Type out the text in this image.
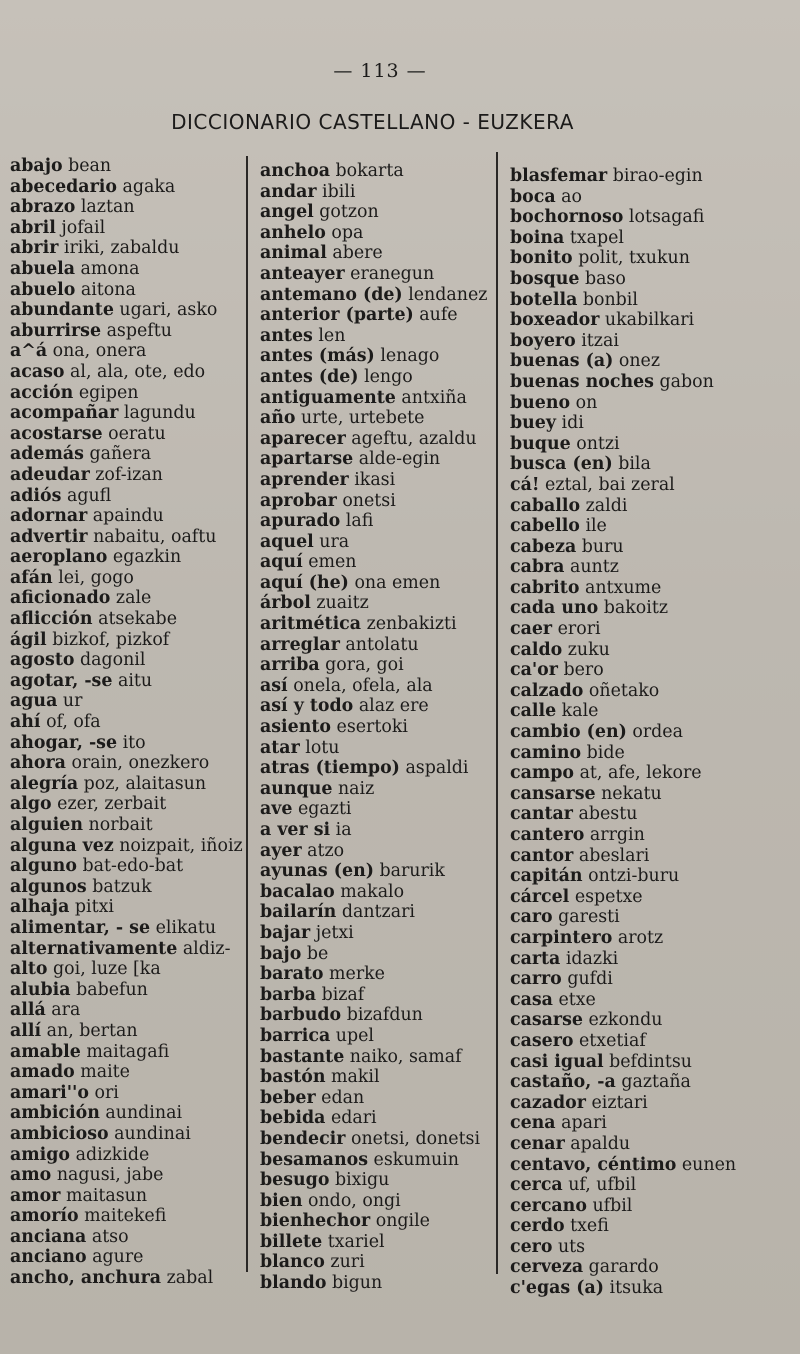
— 113 —
DICCIONARIO CASTELLANO - EUZKERA
abajo bean
abecedario agaka
abrazo laztan
abril jofail
abrir iriki, zabaldu
abuela amona
abuelo aitona
abundante ugari, asko
aburrirse aspeftu
a^á ona, onera
acaso al, ala, ote, edo
acción egipen
acompañar lagundu
acostarse oeratu
además gañera
adeudar zof-izan
adiós agufl
adornar apaindu
advertir nabaitu, oaftu
aeroplano egazkin
afán lei, gogo
aficionado zale
aflicción atsekabe
ágil bizkof, pizkof
agosto dagonil
agotar, -se aitu
agua ur
ahí of, ofa
ahogar, -se ito
ahora orain, onezkero
alegría poz, alaitasun
algo ezer, zerbait
alguien norbait
alguna vez noizpait, iñoiz
alguno bat-edo-bat
algunos batzuk
alhaja pitxi
alimentar, - se elikatu
alternativamente aldiz-
alto goi, luze [ka
alubia babefun
allá ara
allí an, bertan
amable maitagafi
amado maite
amari''o ori
ambición aundinai
ambicioso aundinai
amigo adizkide
amo nagusi, jabe
amor maitasun
amorío maitekefi
anciana atso
anciano agure
ancho, anchura zabal
anchoa bokarta
andar ibili
angel gotzon
anhelo opa
animal abere
anteayer eranegun
antemano (de) lendanez
anterior (parte) aufe
antes len
antes (más) lenago
antes (de) lengo
antiguamente antxiña
año urte, urtebete
aparecer ageftu, azaldu
apartarse alde-egin
aprender ikasi
aprobar onetsi
apurado lafi
aquel ura
aquí emen
aquí (he) ona emen
árbol zuaitz
aritmética zenbakizti
arreglar antolatu
arriba gora, goi
así onela, ofela, ala
así y todo alaz ere
asiento esertoki
atar lotu
atras (tiempo) aspaldi
aunque naiz
ave egazti
a ver si ia
ayer atzo
ayunas (en) barurik
bacalao makalo
bailarín dantzari
bajar jetxi
bajo be
barato merke
barba bizaf
barbudo bizafdun
barrica upel
bastante naiko, samaf
bastón makil
beber edan
bebida edari
bendecir onetsi, donetsi
besamanos eskumuin
besugo bixigu
bien ondo, ongi
bienhechor ongile
billete txariel
blanco zuri
blando bigun
blasfemar birao-egin
boca ao
bochornoso lotsagafi
boina txapel
bonito polit, txukun
bosque baso
botella bonbil
boxeador ukabilkari
boyero itzai
buenas (a) onez
buenas noches gabon
bueno on
buey idi
buque ontzi
busca (en) bila
cá! eztal, bai zeral
caballo zaldi
cabello ile
cabeza buru
cabra auntz
cabrito antxume
cada uno bakoitz
caer erori
caldo zuku
ca'or bero
calzado oñetako
calle kale
cambio (en) ordea
camino bide
campo at, afe, lekore
cansarse nekatu
cantar abestu
cantero arrgin
cantor abeslari
capitán ontzi-buru
cárcel espetxe
caro garesti
carpintero arotz
carta idazki
carro gufdi
casa etxe
casarse ezkondu
casero etxetiaf
casi igual befdintsu
castaño, -a gaztaña
cazador eiztari
cena apari
cenar apaldu
centavo, céntimo eunen
cerca uf, ufbil
cercano ufbil
cerdo txefi
cero uts
cerveza garardo
c'egas (a) itsuka
